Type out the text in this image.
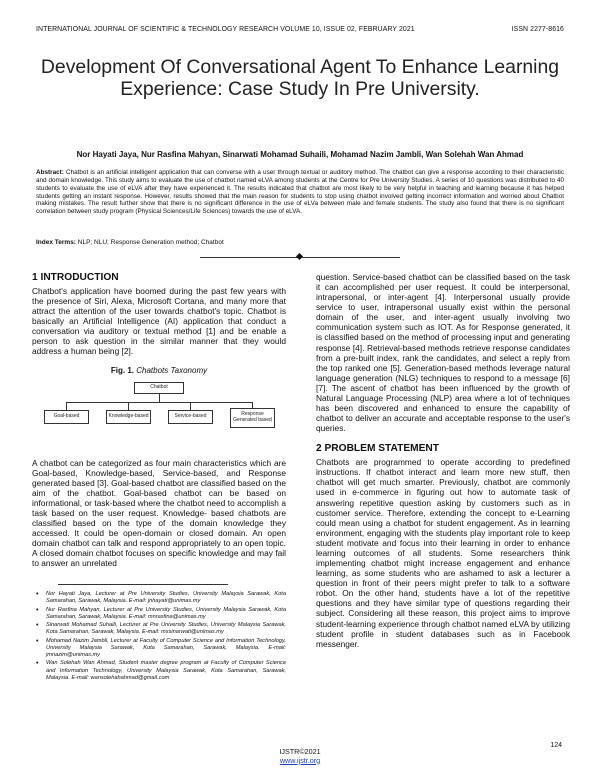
INTERNATIONAL JOURNAL OF SCIENTIFIC & TECHNOLOGY RESEARCH VOLUME 10, ISSUE 02, FEBRUARY 2021	ISSN 2277-8616
Development Of Conversational Agent To Enhance Learning Experience: Case Study In Pre University.
Nor Hayati Jaya, Nur Rasfina Mahyan, Sinarwati Mohamad Suhaili, Mohamad Nazim Jambli, Wan Solehah Wan Ahmad
Abstract: Chatbot is an artificial intelligent application that can converse with a user through textual or auditory method. The chatbot can give a response according to their characteristic and domain knowledge. This study aims to evaluate the use of chatbot named eLVA among students at the Centre for Pre University Studies. A series of 10 questions was distributed to 40 students to evaluate the use of eLVA after they have experienced it. The results indicated that chatbot are most likely to be very helpful in teaching and learning because it has helped students getting an instant response. However, results showed that the main reason for students to stop using chatbot involved getting incorrect information and worried about Chatbot making mistakes. The result further show that there is no significant difference in the use of eLVa between male and female students. The study also found that there is no significant correlation between study program (Physical Sciences/Life Sciences) towards the use of eLVA.
Index Terms: NLP; NLU; Response Generation method; Chatbot
1 INTRODUCTION

Chatbot's application have boomed during the past few years with the presence of Siri, Alexa, Microsoft Cortana, and many more that attract the attention of the user towards chatbot's topic. Chatbot is basically an Artificial Intelligence (AI) application that conduct a conversation via auditory or textual method [1] and be enable a person to ask question in the similar manner that they would address a human being [2].

Fig. 1. Chatbots Taxonomy
Chatbot
Goal-based	Knowledge-based	Service-based	Response Generated based

A chatbot can be categorized as four main characteristics which are Goal-based, Knowledge-based, Service-based, and Response generated based [3]. Goal-based chatbot are classified based on the aim of the chatbot. Goal-based chatbot can be based on informational, or task-based where the chatbot need to accomplish a task based on the user request. Knowledge- based chatbots are classified based on the type of the domain knowledge they accessed. It could be open-domain or closed domain. An open domain chatbot can talk and respond appropriately to an open topic. A closed domain chatbot focuses on specific knowledge and may fail to answer an unrelated

• Nor Hayati Jaya, Lecturer at Pre University Studies, University Malaysia Sarawak, Kota Samarahan, Sarawak, Malaysia. E-mail: jnhayati@unimas.my
• Nur Rasfina Mahyan, Lecturer at Pre University Studies, University Malaysia Sarawak, Kota Samarahan, Sarawak, Malaysia. E-mail: mnrasfina@unimas.my
• Sinarwati Mohamad Suhaili, Lecturer at Pre University Studies, University Malaysia Sarawak, Kota Samarahan, Sarawak, Malaysia. E-mail: mssinarwati@unimas.my
• Mohamad Nazim Jambli, Lecturer at Faculty of Computer Science and Information Technology, University Malaysia Sarawak, Kota Samarahan, Sarawak, Malaysia. E-mail: jmnazim@unimas.my
• Wan Solehah Wan Ahmad, Student master degree program at Faculty of Computer Science and Information Technology, University Malaysia Sarawak, Kota Samarahan, Sarawak, Malaysia. E-mail: wansolehahahmad@gmail.com

question. Service-based chatbot can be classified based on the task it can accomplished per user request. It could be interpersonal, intrapersonal, or inter-agent [4]. Interpersonal usually provide service to user, intrapersonal usually exist within the personal domain of the user, and inter-agent usually involving two communication system such as IOT. As for Response generated, it is classified based on the method of processing input and generating response [4]. Retrieval-based methods retrieve response candidates from a pre-built index, rank the candidates, and select a reply from the top ranked one [5]. Generation-based methods leverage natural language generation (NLG) techniques to respond to a message [6][7]. The ascent of chatbot has been influenced by the growth of Natural Language Processing (NLP) area where a lot of techniques has been discovered and enhanced to ensure the capability of chatbot to deliver an accurate and acceptable response to the user's queries.

2 PROBLEM STATEMENT

Chatbots are programmed to operate according to predefined instructions. If chatbot interact and learn more new stuff, then chatbot will get much smarter. Previously, chatbot are commonly used in e-commerce in figuring out how to automate task of answering repetitive question asking by customers such as in customer service. Therefore, extending the concept to e-Learning could mean using a chatbot for student engagement. As in learning environment, engaging with the students play important role to keep student motivate and focus into their learning in order to enhance learning outcomes of all students. Some researchers think implementing chatbot might increase engagement and enhance learning, as some students who are ashamed to ask a lecturer a question in front of their peers might prefer to talk to a software robot. On the other hand, students have a lot of the repetitive questions and they have similar type of questions regarding their subject. Considering all these reason, this project aims to improve student-learning experience through chatbot named eLVA by utilizing student profile in student databases such as in Facebook messenger.

124
IJSTR©2021
www.ijstr.org
